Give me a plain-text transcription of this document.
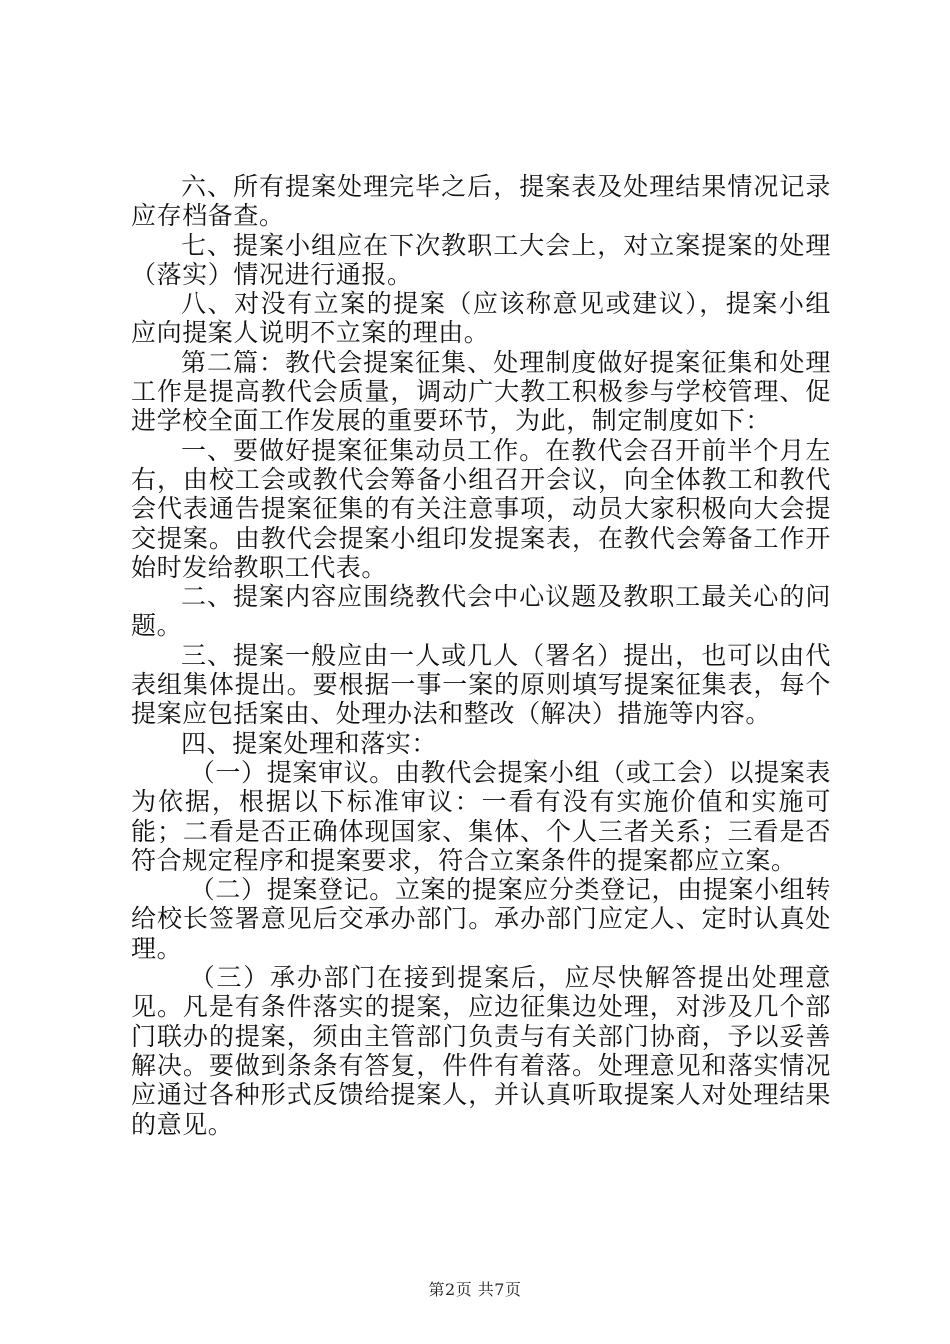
六、所有提案处理完毕之后，提案表及处理结果情况记录应存档备查。

七、提案小组应在下次教职工大会上，对立案提案的处理（落实）情况进行通报。

八、对没有立案的提案（应该称意见或建议），提案小组应向提案人说明不立案的理由。

第二篇：教代会提案征集、处理制度做好提案征集和处理工作是提高教代会质量，调动广大教工积极参与学校管理、促进学校全面工作发展的重要环节，为此，制定制度如下：

一、要做好提案征集动员工作。在教代会召开前半个月左右，由校工会或教代会筹备小组召开会议，向全体教工和教代会代表通告提案征集的有关注意事项，动员大家积极向大会提交提案。由教代会提案小组印发提案表，在教代会筹备工作开始时发给教职工代表。

二、提案内容应围绕教代会中心议题及教职工最关心的问题。

三、提案一般应由一人或几人（署名）提出，也可以由代表组集体提出。要根据一事一案的原则填写提案征集表，每个提案应包括案由、处理办法和整改（解决）措施等内容。

四、提案处理和落实：

（一）提案审议。由教代会提案小组（或工会）以提案表为依据，根据以下标准审议：一看有没有实施价值和实施可能；二看是否正确体现国家、集体、个人三者关系；三看是否符合规定程序和提案要求，符合立案条件的提案都应立案。

（二）提案登记。立案的提案应分类登记，由提案小组转给校长签署意见后交承办部门。承办部门应定人、定时认真处理。

（三）承办部门在接到提案后，应尽快解答提出处理意见。凡是有条件落实的提案，应边征集边处理，对涉及几个部门联办的提案，须由主管部门负责与有关部门协商，予以妥善解决。要做到条条有答复，件件有着落。处理意见和落实情况应通过各种形式反馈给提案人，并认真听取提案人对处理结果的意见。

第2页 共7页
